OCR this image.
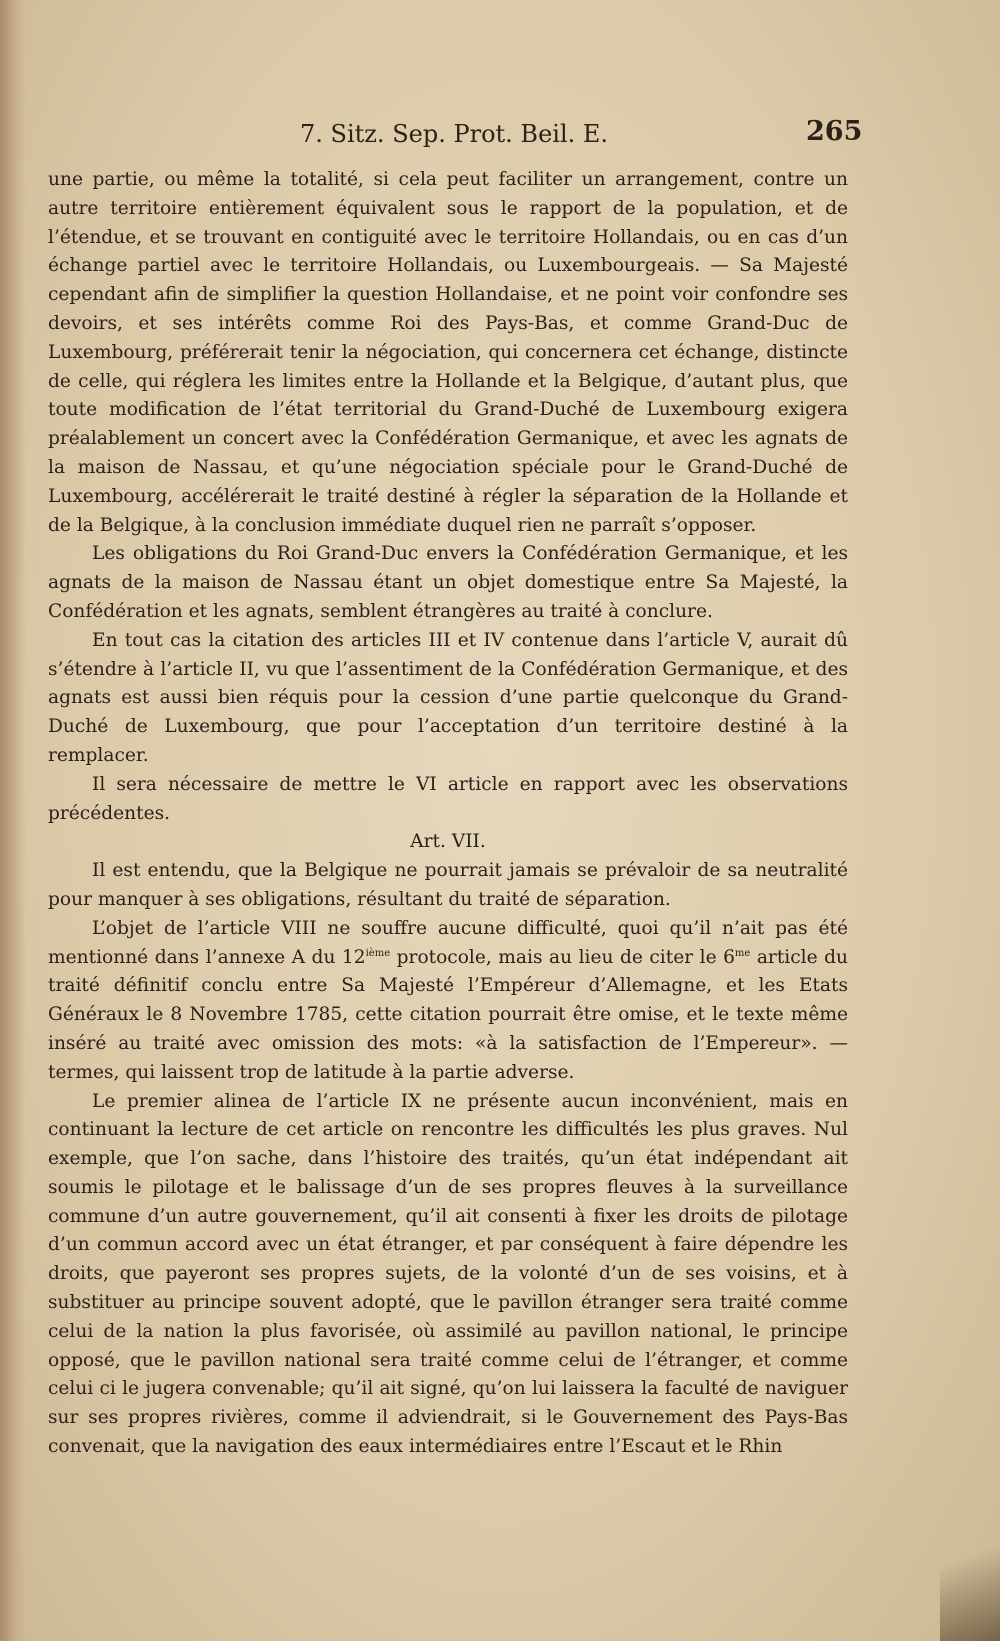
7. Sitz. Sep. Prot. Beil. E.	265

une partie, ou même la totalité, si cela peut faciliter un arrangement, contre un autre territoire entièrement équivalent sous le rapport de la population, et de l’étendue, et se trouvant en contiguité avec le territoire Hollandais, ou en cas d’un échange partiel avec le territoire Hollandais, ou Luxembourgeais. — Sa Majesté cependant afin de simplifier la question Hollandaise, et ne point voir confondre ses devoirs, et ses intérêts comme Roi des Pays-Bas, et comme Grand-Duc de Luxembourg, préférerait tenir la négociation, qui concernera cet échange, distincte de celle, qui réglera les limites entre la Hollande et la Belgique, d’autant plus, que toute modification de l’état territorial du Grand-Duché de Luxembourg exigera préalablement un concert avec la Confédération Germanique, et avec les agnats de la maison de Nassau, et qu’une négociation spéciale pour le Grand-Duché de Luxembourg, accélérerait le traité destiné à régler la séparation de la Hollande et de la Belgique, à la conclusion immédiate duquel rien ne parraît s’opposer.

Les obligations du Roi Grand-Duc envers la Confédération Germanique, et les agnats de la maison de Nassau étant un objet domestique entre Sa Majesté, la Confédération et les agnats, semblent étrangères au traité à conclure.

En tout cas la citation des articles III et IV contenue dans l’article V, aurait dû s’étendre à l’article II, vu que l’assentiment de la Confédération Germanique, et des agnats est aussi bien réquis pour la cession d’une partie quelconque du Grand-Duché de Luxembourg, que pour l’acceptation d’un territoire destiné à la remplacer.

Il sera nécessaire de mettre le VI article en rapport avec les observations précédentes.

Art. VII.

Il est entendu, que la Belgique ne pourrait jamais se prévaloir de sa neutralité pour manquer à ses obligations, résultant du traité de séparation.

L’objet de l’article VIII ne souffre aucune difficulté, quoi qu’il n’ait pas été mentionné dans l’annexe A du 12ième protocole, mais au lieu de citer le $6^{me}$ article du traité définitif conclu entre Sa Majesté l’Empéreur d’Allemagne, et les Etats Généraux le 8 Novembre 1785, cette citation pourrait être omise, et le texte même inséré au traité avec omission des mots: «à la satisfaction de l’Empereur». — termes, qui laissent trop de latitude à la partie adverse.

Le premier alinea de l’article IX ne présente aucun inconvénient, mais en continuant la lecture de cet article on rencontre les difficultés les plus graves. Nul exemple, que l’on sache, dans l’histoire des traités, qu’un état indépendant ait soumis le pilotage et le balissage d’un de ses propres fleuves à la surveillance commune d’un autre gouvernement, qu’il ait consenti à fixer les droits de pilotage d’un commun accord avec un état étranger, et par conséquent à faire dépendre les droits, que payeront ses propres sujets, de la volonté d’un de ses voisins, et à substituer au principe souvent adopté, que le pavillon étranger sera traité comme celui de la nation la plus favorisée, où assimilé au pavillon national, le principe opposé, que le pavillon national sera traité comme celui de l’étranger, et comme celui ci le jugera convenable; qu’il ait signé, qu’on lui laissera la faculté de naviguer sur ses propres rivières, comme il adviendrait, si le Gouvernement des Pays-Bas convenait, que la navigation des eaux intermédiaires entre l’Escaut et le Rhin
